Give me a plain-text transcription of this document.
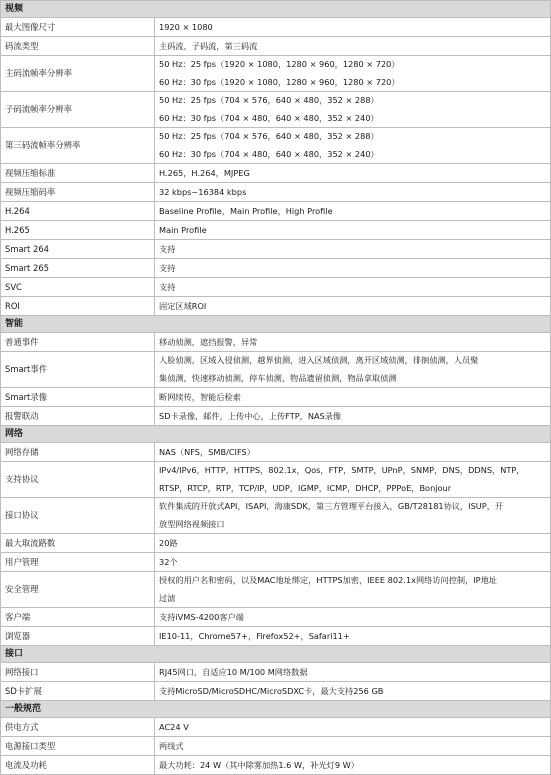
视频	
最大图像尺寸	1920 × 1080

码流类型	主码流，子码流，第三码流

主码流帧率分辨率	50 Hz：25 fps（1920 × 1080，1280 × 960，1280 × 720）
60 Hz：30 fps（1920 × 1080，1280 × 960，1280 × 720）

子码流帧率分辨率	50 Hz：25 fps（704 × 576，640 × 480，352 × 288）
60 Hz：30 fps（704 × 480，640 × 480，352 × 240）

第三码流帧率分辨率	50 Hz：25 fps（704 × 576，640 × 480，352 × 288）
60 Hz：30 fps（704 × 480，640 × 480，352 × 240）

视频压缩标准	H.265，H.264，MJPEG

视频压缩码率	32 kbps~16384 kbps

H.264	Baseline Profile，Main Profile，High Profile

H.265	Main Profile

Smart 264	支持

Smart 265	支持

SVC	支持

ROI	固定区域ROI

智能	
普通事件	移动侦测，遮挡报警，异常

Smart事件	人脸侦测，区域入侵侦测，越界侦测，进入区域侦测，离开区域侦测，徘徊侦测，人员聚
集侦测，快速移动侦测，停车侦测，物品遗留侦测，物品拿取侦测

Smart录像	断网续传，智能后检索

报警联动	SD卡录像，邮件，上传中心，上传FTP，NAS录像

网络	
网络存储	NAS（NFS，SMB/CIFS）

支持协议	IPv4/IPv6，HTTP，HTTPS，802.1x，Qos，FTP，SMTP，UPnP，SNMP，DNS，DDNS，NTP，
RTSP，RTCP，RTP，TCP/IP，UDP，IGMP，ICMP，DHCP，PPPoE，Bonjour

接口协议	软件集成的开放式API，ISAPI，海康SDK，第三方管理平台接入，GB/T28181协议，ISUP，开
放型网络视频接口

最大取流路数	20路

用户管理	32个

安全管理	授权的用户名和密码，以及MAC地址绑定，HTTPS加密，IEEE 802.1x网络访问控制，IP地址
过滤

客户端	支持iVMS-4200客户端

浏览器	IE10-11，Chrome57+，Firefox52+，Safari11+

接口	
网络接口	RJ45网口，自适应10 M/100 M网络数据

SD卡扩展	支持MicroSD/MicroSDHC/MicroSDXC卡，最大支持256 GB

一般规范	
供电方式	AC24 V

电源接口类型	两线式

电流及功耗	最大功耗：24 W（其中除雾加热1.6 W，补光灯9 W）
